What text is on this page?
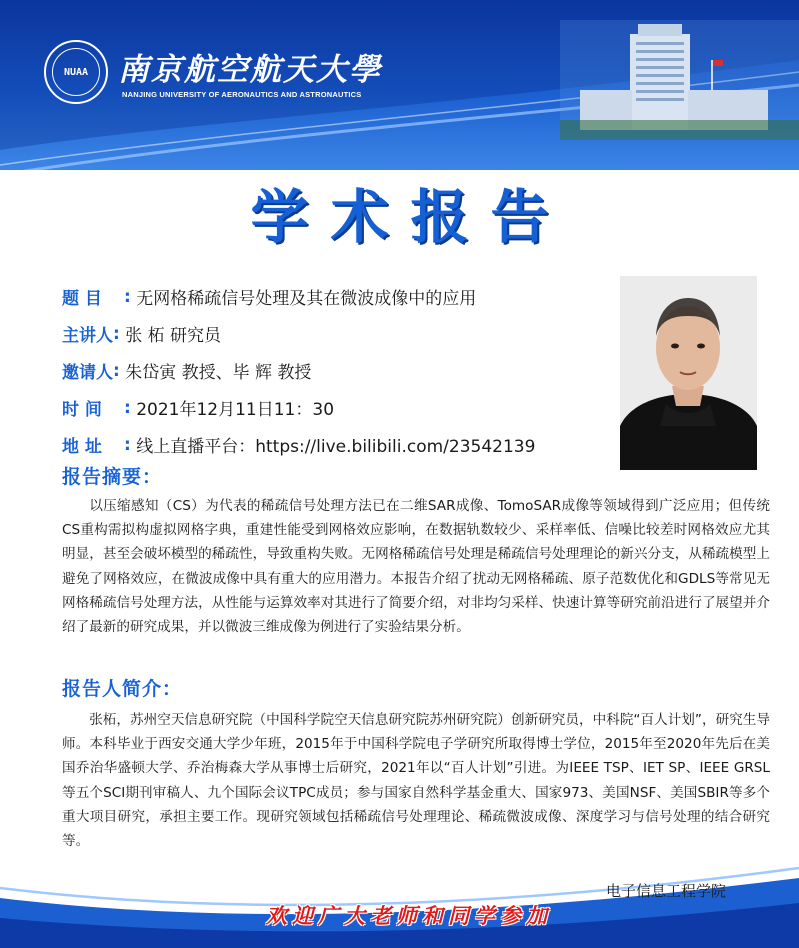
NUAA 南京航空航天大學
NANJING UNIVERSITY OF AERONAUTICS AND ASTRONAUTICS
学术报告
题 目	:
无网格稀疏信号处理及其在微波成像中的应用
主讲人 :
张 柘 研究员
邀请人 :
朱岱寅 教授、毕 辉 教授
时 间	:
2021年12月11日11：30
地 址	:
线上直播平台：https://live.bilibili.com/23542139
报告摘要：
以压缩感知（CS）为代表的稀疏信号处理方法已在二维SAR成像、TomoSAR成像等领域得到广泛应用；但传统CS重构需拟构虚拟网格字典，重建性能受到网格效应影响，在数据轨数较少、采样率低、信噪比较差时网格效应尤其明显，甚至会破坏模型的稀疏性，导致重构失败。无网格稀疏信号处理是稀疏信号处理理论的新兴分支，从稀疏模型上避免了网格效应，在微波成像中具有重大的应用潜力。本报告介绍了扰动无网格稀疏、原子范数优化和GDLS等常见无网格稀疏信号处理方法，从性能与运算效率对其进行了简要介绍，对非均匀采样、快速计算等研究前沿进行了展望并介绍了最新的研究成果，并以微波三维成像为例进行了实验结果分析。
报告人简介：
张柘，苏州空天信息研究院（中国科学院空天信息研究院苏州研究院）创新研究员，中科院“百人计划”，研究生导师。本科毕业于西安交通大学少年班，2015年于中国科学院电子学研究所取得博士学位，2015年至2020年先后在美国乔治华盛顿大学、乔治梅森大学从事博士后研究，2021年以“百人计划”引进。为IEEE TSP、IET SP、IEEE GRSL等五个SCI期刊审稿人、九个国际会议TPC成员；参与国家自然科学基金重大、国家973、美国NSF、美国SBIR等多个重大项目研究，承担主要工作。现研究领域包括稀疏信号处理理论、稀疏微波成像、深度学习与信号处理的结合研究等。
电子信息工程学院
欢迎广大老师和同学参加
